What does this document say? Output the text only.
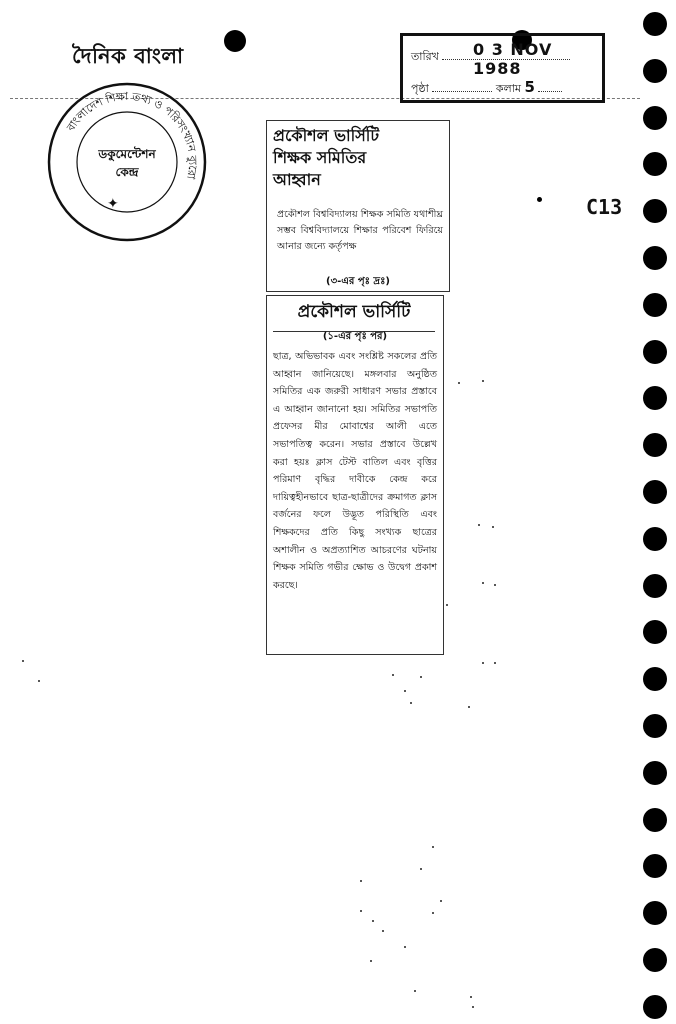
দৈনিক বাংলা	তারিখ	0 3 NOV 1988
পৃষ্ঠা	কলাম 5
বাংলাদেশ শিক্ষা তথ্য ও পরিসংখ্যান ব্যুরো
ডকুমেন্টেশন
কেন্দ্র
✦	C13
প্রকৌশল ভার্সিটি
শিক্ষক সমিতির
আহ্বান
প্রকৌশল বিশ্ববিদ্যালয় শিক্ষক সমিতি যথাশীঘ্র সম্ভব বিশ্ববিদ্যালয়ে শিক্ষার পরিবেশ ফিরিয়ে আনার জন্যে কর্তৃপক্ষ
(৩-এর পৃঃ দ্রঃ)
প্রকৌশল ভার্সিটি
(১-এর পৃঃ পর)
ছাত্র, অভিভাবক এবং সংশ্লিষ্ট সকলের প্রতি আহ্বান জানিয়েছে। মঙ্গলবার অনুষ্ঠিত সমিতির এক জরুরী সাধারণ সভার প্রস্তাবে এ আহ্বান জানানো হয়। সমিতির সভাপতি প্রফেসর মীর মোবাশ্বের আলী এতে সভাপতিত্ব করেন। সভার প্রস্তাবে উল্লেখ করা হয়ঃ ক্লাস টেস্ট বাতিল এবং বৃত্তির পরিমাণ বৃদ্ধির দাবীকে কেন্দ্র করে দায়িত্বহীনভাবে ছাত্র-ছাত্রীদের ক্রমাগত ক্লাস বর্জনের ফলে উদ্ভূত পরিস্থিতি এবং শিক্ষকদের প্রতি কিছু সংখ্যক ছাত্রের অশালীন ও অপ্রত্যাশিত আচরণের ঘটনায় শিক্ষক সমিতি গভীর ক্ষোভ ও উদ্বেগ প্রকাশ করছে।
